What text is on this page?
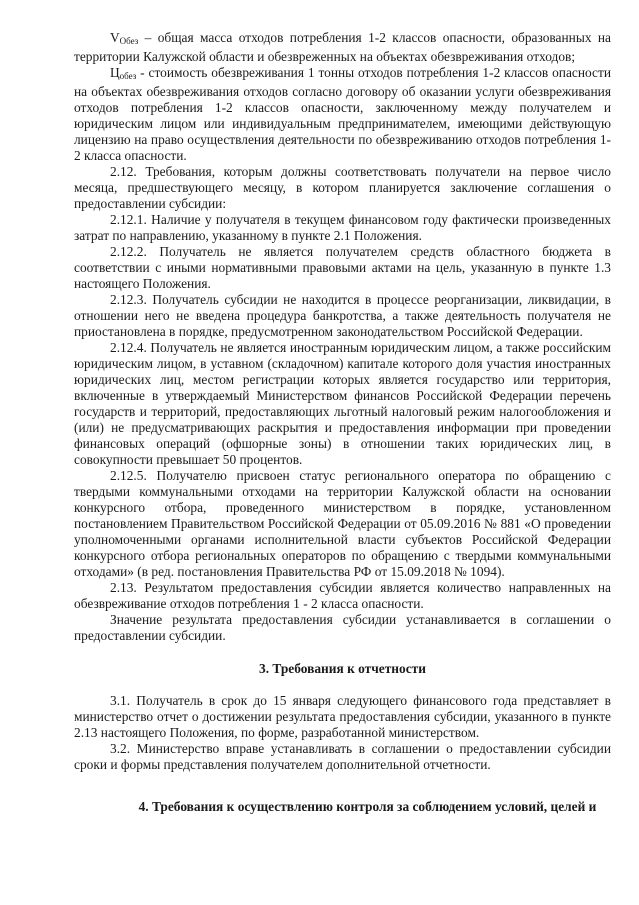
$V_{Обез}$ – общая масса отходов потребления 1-2 классов опасности, образованных на территории Калужской области и обезвреженных на объектах обезвреживания отходов;

$Ц_{обез}$ - стоимость обезвреживания 1 тонны отходов потребления 1-2 классов опасности на объектах обезвреживания отходов согласно договору об оказании услуги обезвреживания отходов потребления 1-2 классов опасности, заключенному между получателем и юридическим лицом или индивидуальным предпринимателем, имеющими действующую лицензию на право осуществления деятельности по обезвреживанию отходов потребления 1-2 класса опасности.

2.12. Требования, которым должны соответствовать получатели на первое число месяца, предшествующего месяцу, в котором планируется заключение соглашения о предоставлении субсидии:

2.12.1. Наличие у получателя в текущем финансовом году фактически произведенных затрат по направлению, указанному в пункте 2.1 Положения.

2.12.2. Получатель не является получателем средств областного бюджета в соответствии с иными нормативными правовыми актами на цель, указанную в пункте 1.3 настоящего Положения.

2.12.3. Получатель субсидии не находится в процессе реорганизации, ликвидации, в отношении него не введена процедура банкротства, а также деятельность получателя не приостановлена в порядке, предусмотренном законодательством Российской Федерации.

2.12.4. Получатель не является иностранным юридическим лицом, а также российским юридическим лицом, в уставном (складочном) капитале которого доля участия иностранных юридических лиц, местом регистрации которых является государство или территория, включенные в утверждаемый Министерством финансов Российской Федерации перечень государств и территорий, предоставляющих льготный налоговый режим налогообложения и (или) не предусматривающих раскрытия и предоставления информации при проведении финансовых операций (офшорные зоны) в отношении таких юридических лиц, в совокупности превышает 50 процентов.

2.12.5. Получателю присвоен статус регионального оператора по обращению с твердыми коммунальными отходами на территории Калужской области на основании конкурсного отбора, проведенного министерством в порядке, установленном постановлением Правительством Российской Федерации от 05.09.2016 № 881 «О проведении уполномоченными органами исполнительной власти субъектов Российской Федерации конкурсного отбора региональных операторов по обращению с твердыми коммунальными отходами» (в ред. постановления Правительства РФ от 15.09.2018 № 1094).

2.13. Результатом предоставления субсидии является количество направленных на обезвреживание отходов потребления 1 - 2 класса опасности.

Значение результата предоставления субсидии устанавливается в соглашении о предоставлении субсидии.

3. Требования к отчетности

3.1. Получатель в срок до 15 января следующего финансового года представляет в министерство отчет о достижении результата предоставления субсидии, указанного в пункте 2.13 настоящего Положения, по форме, разработанной министерством.

3.2. Министерство вправе устанавливать в соглашении о предоставлении субсидии сроки и формы представления получателем дополнительной отчетности.

4. Требования к осуществлению контроля за соблюдением условий, целей и
